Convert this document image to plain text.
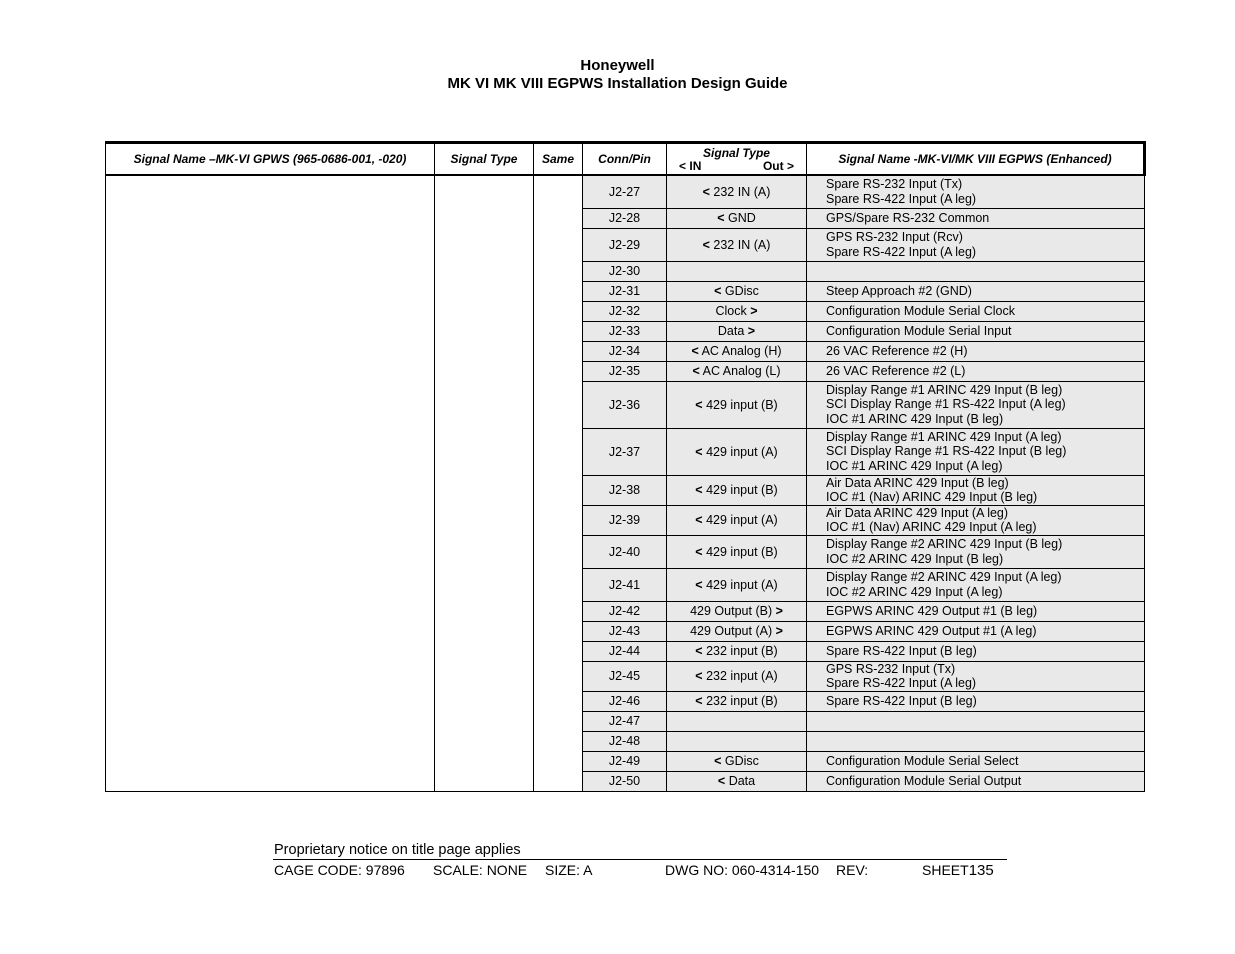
Honeywell
MK VI MK VIII EGPWS Installation Design Guide
Signal Name –MK-VI GPWS (965-0686-001, -020)	Signal Type	Same	Conn/Pin	Signal Type
< IN Out >	Signal Name -MK-VI/MK VIII EGPWS (Enhanced)
			J2-27	< 232 IN (A)	Spare RS-232 Input (Tx)
Spare RS-422 Input (A leg)

			J2-28	< GND	GPS/Spare RS-232 Common

			J2-29	< 232 IN (A)	GPS RS-232 Input (Rcv)
Spare RS-422 Input (A leg)

			J2-30		
			J2-31	< GDisc	Steep Approach #2 (GND)

			J2-32	Clock >	Configuration Module Serial Clock

			J2-33	Data >	Configuration Module Serial Input

			J2-34	< AC Analog (H)	26 VAC Reference #2 (H)

			J2-35	< AC Analog (L)	26 VAC Reference #2 (L)

			J2-36	< 429 input (B)	Display Range #1 ARINC 429 Input (B leg)
SCI Display Range #1 RS-422 Input (A leg)
IOC #1 ARINC 429 Input (B leg)

			J2-37	< 429 input (A)	Display Range #1 ARINC 429 Input (A leg)
SCI Display Range #1 RS-422 Input (B leg)
IOC #1 ARINC 429 Input (A leg)

			J2-38	< 429 input (B)	Air Data ARINC 429 Input (B leg)
IOC #1 (Nav) ARINC 429 Input (B leg)

			J2-39	< 429 input (A)	Air Data ARINC 429 Input (A leg)
IOC #1 (Nav) ARINC 429 Input (A leg)

			J2-40	< 429 input (B)	Display Range #2 ARINC 429 Input (B leg)
IOC #2 ARINC 429 Input (B leg)

			J2-41	< 429 input (A)	Display Range #2 ARINC 429 Input (A leg)
IOC #2 ARINC 429 Input (A leg)

			J2-42	429 Output (B) >	EGPWS ARINC 429 Output #1 (B leg)

			J2-43	429 Output (A) >	EGPWS ARINC 429 Output #1 (A leg)

			J2-44	< 232 input (B)	Spare RS-422 Input (B leg)

			J2-45	< 232 input (A)	GPS RS-232 Input (Tx)
Spare RS-422 Input (A leg)

			J2-46	< 232 input (B)	Spare RS-422 Input (B leg)

			J2-47		
			J2-48		
			J2-49	< GDisc	Configuration Module Serial Select

			J2-50	< Data	Configuration Module Serial Output
Proprietary notice on title page applies
CAGE CODE: 97896	SCALE: NONE	SIZE: A	DWG NO: 060-4314-150	REV:	SHEET 135
